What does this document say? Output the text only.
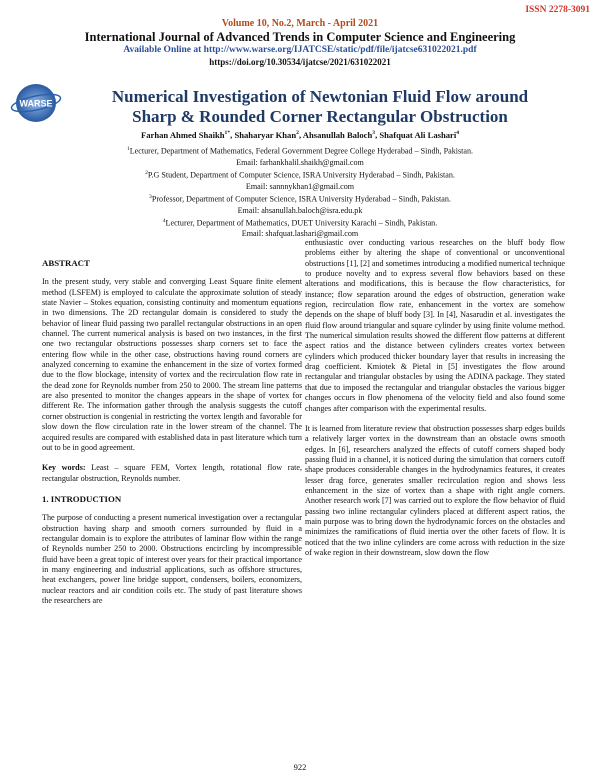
ISSN 2278-3091
Volume 10, No.2, March - April 2021
International Journal of Advanced Trends in Computer Science and Engineering
Available Online at http://www.warse.org/IJATCSE/static/pdf/file/ijatcse631022021.pdf
https://doi.org/10.30534/ijatcse/2021/631022021
WARSE	Numerical Investigation of Newtonian Fluid Flow around
Sharp & Rounded Corner Rectangular Obstruction
Farhan Ahmed Shaikh$^{1*}$, Shaharyar Khan$^2$, Ahsanullah Baloch$^3$, Shafquat Ali Lashari$^4$
$^1$Lecturer, Department of Mathematics, Federal Government Degree College Hyderabad – Sindh, Pakistan.
Email: farhankhalil.shaikh@gmail.com
$^2$P.G Student, Department of Computer Science, ISRA University Hyderabad – Sindh, Pakistan.
Email: sannnykhan1@gmail.com
$^3$Professor, Department of Computer Science, ISRA University Hyderabad – Sindh, Pakistan.
Email: ahsanullah.baloch@isra.edu.pk
$^4$Lecturer, Department of Mathematics, DUET University Karachi – Sindh, Pakistan.
Email: shafquat.lashari@gmail.com
ABSTRACT
In the present study, very stable and converging Least Square finite element method (LSFEM) is employed to calculate the approximate solution of steady state Navier – Stokes equation, consisting continuity and momentum equations in two dimensions. The 2D rectangular domain is considered to study the behavior of linear fluid passing two parallel rectangular obstructions in an open channel. The current numerical analysis is based on two instances, in the first one two rectangular obstructions possesses sharp corners set to face the entering flow while in the other case, obstructions having round corners are analyzed concerning to examine the enhancement in the size of vortex formed due to the flow blockage, intensity of vortex and the recirculation flow rate in the dead zone for Reynolds number from 250 to 2000. The stream line patterns are also presented to monitor the changes appears in the shape of vortex for different Re. The information gather through the analysis suggests the cutoff corner obstruction is congenial in restricting the vortex length and favorable for slow down the flow circulation rate in the lower stream of the channel. The acquired results are compared with established data in past literature which turn out to be in good agreement.
Key words: Least – square FEM, Vortex length, rotational flow rate, rectangular obstruction, Reynolds number.
1. INTRODUCTION
The purpose of conducting a present numerical investigation over a rectangular obstruction having sharp and smooth corners surrounded by fluid in a rectangular domain is to explore the attributes of laminar flow within the range of Reynolds number 250 to 2000. Obstructions encircling by incompressible fluid have been a great topic of interest over years for their practical importance in many engineering and industrial applications, such as offshore structures, heat exchangers, power line bridge support, condensers, boilers, economizers, nuclear reactors and air condition coils etc. The study of past literature shows the researchers are
enthusiastic over conducting various researches on the bluff body flow problems either by altering the shape of conventional or unconventional obstructions [1], [2] and sometimes introducing a modified numerical technique to produce novelty and to express several flow behaviors based on these alterations and modifications, this is because the flow characteristics, for instance; flow separation around the edges of obstruction, generation wake region, recirculation flow rate, enhancement in the vortex are somehow depends on the shape of bluff body [3]. In [4], Nasarudin et al. investigates the fluid flow around triangular and square cylinder by using finite volume method. The numerical simulation results showed the different flow patterns at different aspect ratios and the distance between cylinders creates vortex between cylinders which produced thicker boundary layer that results in increasing the drag coefficient. Kmiotek & Pietal in [5] investigates the flow around rectangular and triangular obstacles by using the ADINA package. They stated that due to imposed the rectangular and triangular obstacles the various bigger changes occurs in flow phenomena of the velocity field and also found some changes after comparison with the experimental results.
It is learned from literature review that obstruction possesses sharp edges builds a relatively larger vortex in the downstream than an obstacle owns smooth edges. In [6], researchers analyzed the effects of cutoff corners shaped body passing fluid in a channel, it is noticed during the simulation that corners cutoff shape produces considerable changes in the hydrodynamics features, it creates lesser drag force, generates smaller recirculation region and shows less enhancement in the size of vortex than a shape with right angle corners. Another research work [7] was carried out to explore the flow behavior of fluid passing two inline rectangular cylinders placed at different aspect ratios, the main purpose was to bring down the hydrodynamic forces on the obstacles and minimizes the ramifications of fluid inertia over the other facets of flow. It is noticed that the two inline cylinders are come across with reduction in the size of wake region in their downstream, slow down the flow
922
